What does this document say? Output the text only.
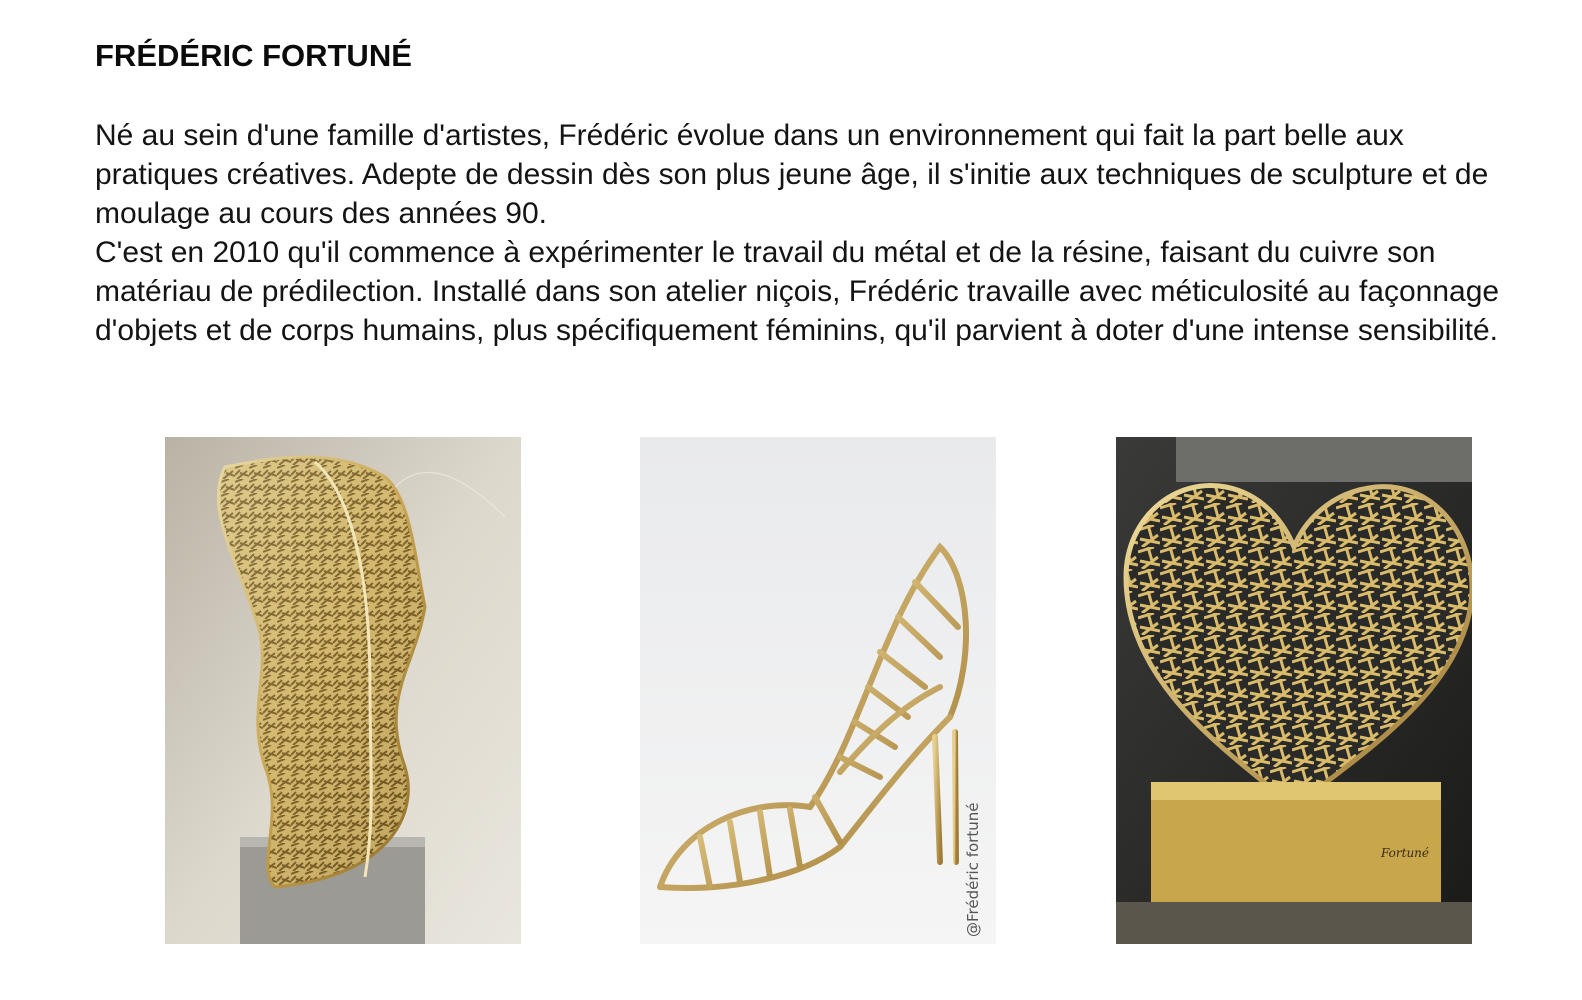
FRÉDÉRIC FORTUNÉ

Né au sein d'une famille d'artistes, Frédéric évolue dans un environnement qui fait la part belle aux pratiques créatives. Adepte de dessin dès son plus jeune âge, il s'initie aux techniques de sculpture et de moulage au cours des années 90.

C'est en 2010 qu'il commence à expérimenter le travail du métal et de la résine, faisant du cuivre son matériau de prédilection. Installé dans son atelier niçois, Frédéric travaille avec méticulosité au façonnage d'objets et de corps humains, plus spécifiquement féminins, qu'il parvient à doter d'une intense sensibilité.

@Frédéric fortuné	Fortuné
